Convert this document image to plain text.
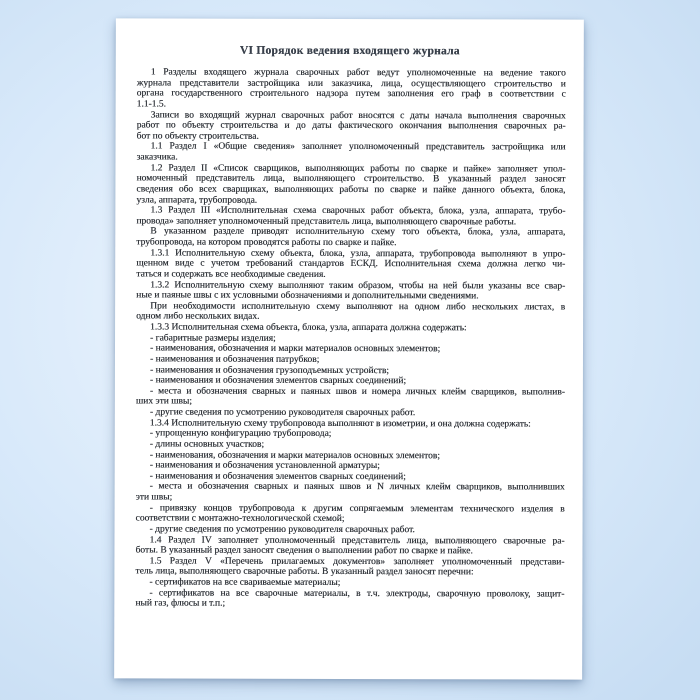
VI Порядок ведения входящего журнала
1 Разделы входящего журнала сварочных работ ведут уполномоченные на ведение такого
журнала представители застройщика или заказчика, лица, осуществляющего строительство и
органа государственного строительного надзора путем заполнения его граф в соответствии с
1.1-1.5.
Записи во входящий журнал сварочных работ вносятся с даты начала выполнения сварочных
работ по объекту строительства и до даты фактического окончания выполнения сварочных ра-
бот по объекту строительства.
1.1 Раздел I «Общие сведения» заполняет уполномоченный представитель застройщика или
заказчика.
1.2 Раздел II «Список сварщиков, выполняющих работы по сварке и пайке» заполняет упол-
номоченный представитель лица, выполняющего строительство. В указанный раздел заносят
сведения обо всех сварщиках, выполняющих работы по сварке и пайке данного объекта, блока,
узла, аппарата, трубопровода.
1.3 Раздел III «Исполнительная схема сварочных работ объекта, блока, узла, аппарата, трубо-
провода» заполняет уполномоченный представитель лица, выполняющего сварочные работы.
В указанном разделе приводят исполнительную схему того объекта, блока, узла, аппарата,
трубопровода, на котором проводятся работы по сварке и пайке.
1.3.1 Исполнительную схему объекта, блока, узла, аппарата, трубопровода выполняют в упро-
щенном виде с учетом требований стандартов ЕСКД. Исполнительная схема должна легко чи-
таться и содержать все необходимые сведения.
1.3.2 Исполнительную схему выполняют таким образом, чтобы на ней были указаны все свар-
ные и паяные швы с их условными обозначениями и дополнительными сведениями.
При необходимости исполнительную схему выполняют на одном либо нескольких листах, в
одном либо нескольких видах.
1.3.3 Исполнительная схема объекта, блока, узла, аппарата должна содержать:
- габаритные размеры изделия;
- наименования, обозначения и марки материалов основных элементов;
- наименования и обозначения патрубков;
- наименования и обозначения грузоподъемных устройств;
- наименования и обозначения элементов сварных соединений;
- места и обозначения сварных и паяных швов и номера личных клейм сварщиков, выполнив-
ших эти швы;
- другие сведения по усмотрению руководителя сварочных работ.
1.3.4 Исполнительную схему трубопровода выполняют в изометрии, и она должна содержать:
- упрощенную конфигурацию трубопровода;
- длины основных участков;
- наименования, обозначения и марки материалов основных элементов;
- наименования и обозначения установленной арматуры;
- наименования и обозначения элементов сварных соединений;
- места и обозначения сварных и паяных швов и N личных клейм сварщиков, выполнивших
эти швы;
- привязку концов трубопровода к другим сопрягаемым элементам технического изделия в
соответствии с монтажно-технологической схемой;
- другие сведения по усмотрению руководителя сварочных работ.
1.4 Раздел IV заполняет уполномоченный представитель лица, выполняющего сварочные ра-
боты. В указанный раздел заносят сведения о выполнении работ по сварке и пайке.
1.5 Раздел V «Перечень прилагаемых документов» заполняет уполномоченный представи-
тель лица, выполняющего сварочные работы. В указанный раздел заносят перечни:
- сертификатов на все свариваемые материалы;
- сертификатов на все сварочные материалы, в т.ч. электроды, сварочную проволоку, защит-
ный газ, флюсы и т.п.;
